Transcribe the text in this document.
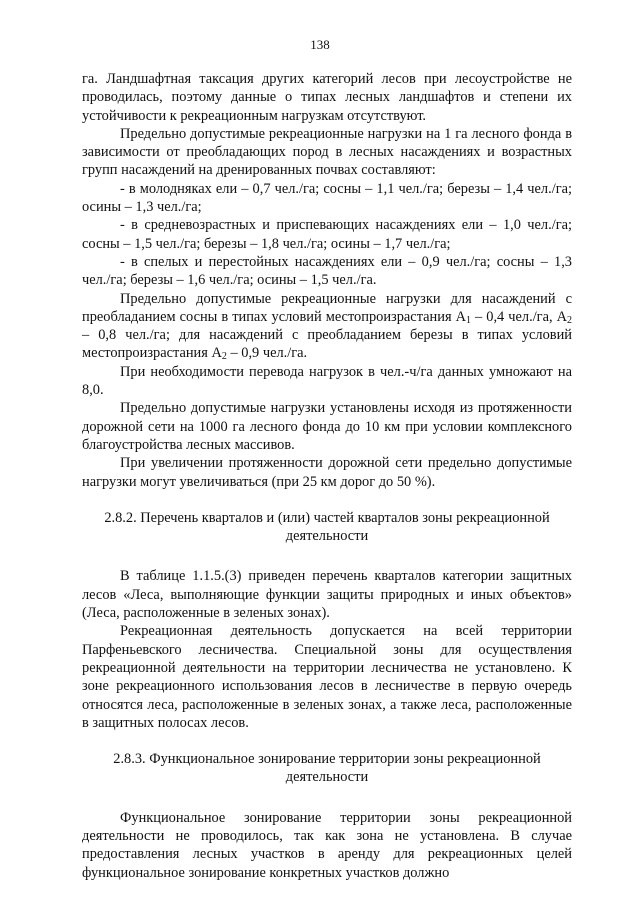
138

га. Ландшафтная таксация других категорий лесов при лесоустройстве не проводилась, поэтому данные о типах лесных ландшафтов и степени их устойчивости к рекреационным нагрузкам отсутствуют.

Предельно допустимые рекреационные нагрузки на 1 га лесного фонда в зависимости от преобладающих пород в лесных насаждениях и возрастных групп насаждений на дренированных почвах составляют:

- в молодняках ели – 0,7 чел./га; сосны – 1,1 чел./га; березы – 1,4 чел./га; осины – 1,3 чел./га;

- в средневозрастных и приспевающих насаждениях ели – 1,0 чел./га; сосны – 1,5 чел./га; березы – 1,8 чел./га; осины – 1,7 чел./га;

- в спелых и перестойных насаждениях ели – 0,9 чел./га; сосны – 1,3 чел./га; березы – 1,6 чел./га; осины – 1,5 чел./га.

Предельно допустимые рекреационные нагрузки для насаждений с преобладанием сосны в типах условий местопроизрастания $А_1 - 0,4$ чел./га, $А_2 - 0,8$ чел./га; для насаждений с преобладанием березы в типах условий местопроизрастания $А_2 - 0,9$ чел./га.

При необходимости перевода нагрузок в чел.-ч/га данных умножают на 8,0.

Предельно допустимые нагрузки установлены исходя из протяженности дорожной сети на 1000 га лесного фонда до 10 км при условии комплексного благоустройства лесных массивов.

При увеличении протяженности дорожной сети предельно допустимые нагрузки могут увеличиваться (при 25 км дорог до 50 %).

2.8.2. Перечень кварталов и (или) частей кварталов зоны рекреационной
деятельности

В таблице 1.1.5.(3) приведен перечень кварталов категории защитных лесов «Леса, выполняющие функции защиты природных и иных объектов» (Леса, расположенные в зеленых зонах).

Рекреационная деятельность допускается на всей территории Парфеньевского лесничества. Специальной зоны для осуществления рекреационной деятельности на территории лесничества не установлено. К зоне рекреационного использования лесов в лесничестве в первую очередь относятся леса, расположенные в зеленых зонах, а также леса, расположенные в защитных полосах лесов.

2.8.3. Функциональное зонирование территории зоны рекреационной
деятельности

Функциональное зонирование территории зоны рекреационной деятельности не проводилось, так как зона не установлена. В случае предоставления лесных участков в аренду для рекреационных целей функциональное зонирование конкретных участков должно
